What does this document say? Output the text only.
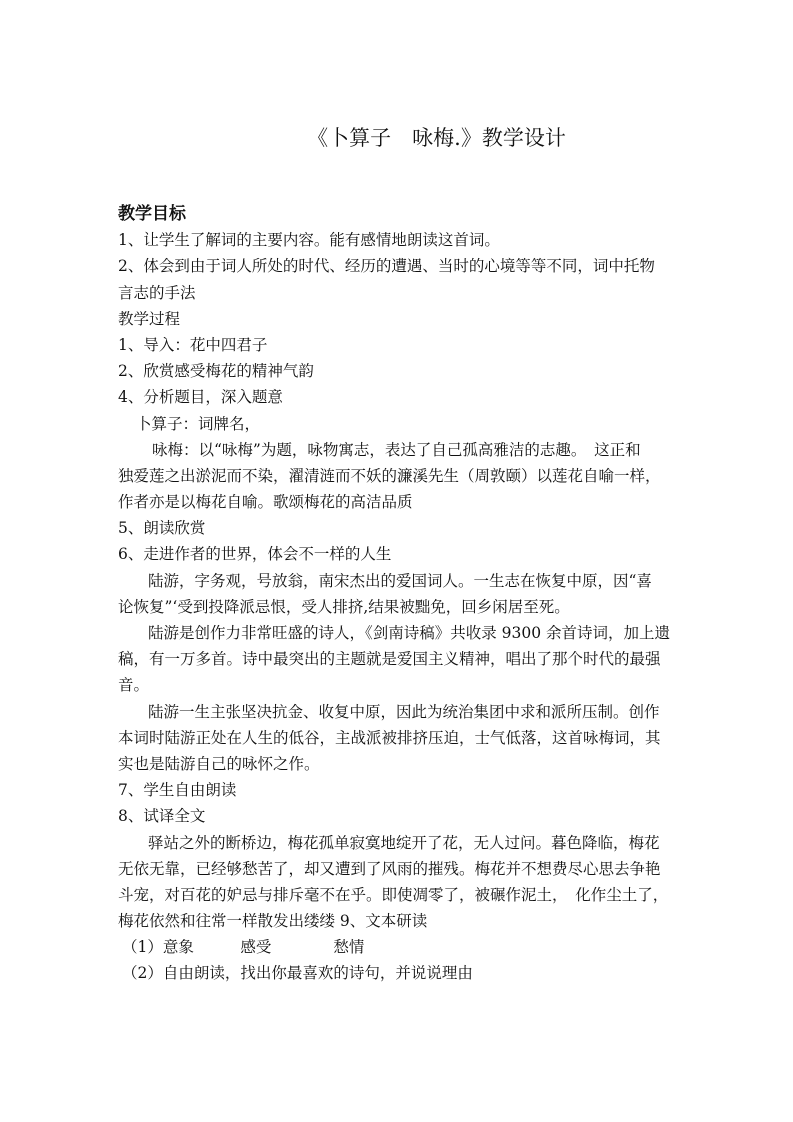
《卜算子　咏梅.》教学设计
教学目标
1、让学生了解词的主要内容。能有感情地朗读这首词。
2、体会到由于词人所处的时代、经历的遭遇、当时的心境等等不同，词中托物
言志的手法
教学过程
1、导入：花中四君子
2、欣赏感受梅花的精神气韵
4、分析题目，深入题意
卜算子：词牌名，
咏梅：以“咏梅”为题，咏物寓志，表达了自己孤高雅洁的志趣。　这正和
独爱莲之出淤泥而不染，濯清涟而不妖的濂溪先生（周敦颐）以莲花自喻一样，
作者亦是以梅花自喻。歌颂梅花的高洁品质
5、朗读欣赏
6、走进作者的世界，体会不一样的人生
陆游，字务观，号放翁，南宋杰出的爱国词人。一生志在恢复中原，因“喜
论恢复”‘受到投降派忌恨，受人排挤,结果被黜免，回乡闲居至死。
陆游是创作力非常旺盛的诗人，《剑南诗稿》共收录 9300 余首诗词，加上遗
稿，有一万多首。诗中最突出的主题就是爱国主义精神，唱出了那个时代的最强
音。
陆游一生主张坚决抗金、收复中原，因此为统治集团中求和派所压制。创作
本词时陆游正处在人生的低谷，主战派被排挤压迫，士气低落，这首咏梅词，其
实也是陆游自己的咏怀之作。
7、学生自由朗读
8、试译全文
驿站之外的断桥边，梅花孤单寂寞地绽开了花，无人过问。暮色降临，梅花
无依无靠，已经够愁苦了，却又遭到了风雨的摧残。梅花并不想费尽心思去争艳
斗宠，对百花的妒忌与排斥毫不在乎。即使凋零了，被碾作泥土，　化作尘土了，
梅花依然和往常一样散发出缕缕 9、文本研读
（1）意象　　　感受　　　　愁情
（2）自由朗读，找出你最喜欢的诗句，并说说理由
